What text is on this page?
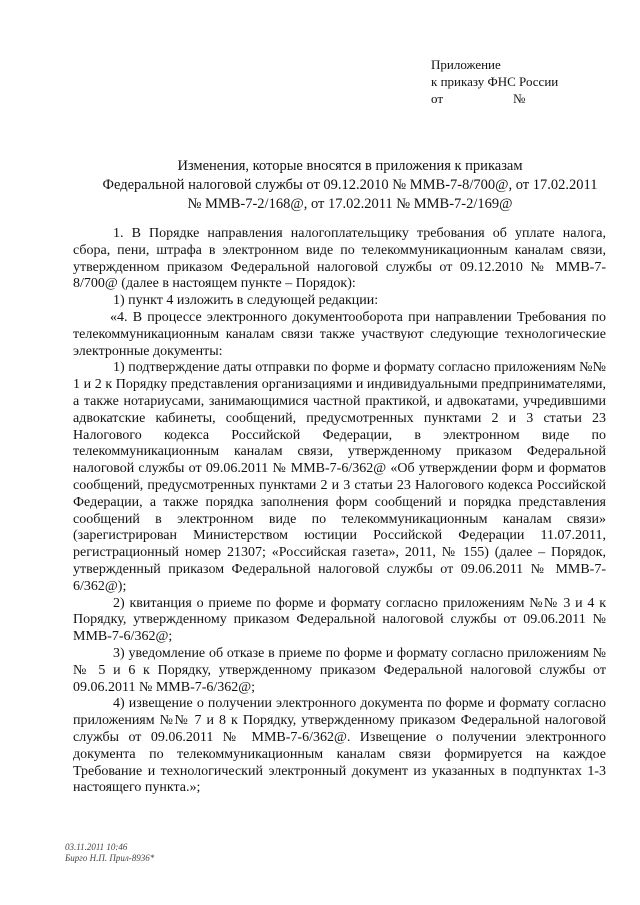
Приложение
к приказу ФНС России
от	№
Изменения, которые вносятся в приложения к приказам
Федеральной налоговой службы от 09.12.2010 № ММВ-7-8/700@, от 17.02.2011
№ ММВ-7-2/168@, от 17.02.2011 № ММВ-7-2/169@

1. В Порядке направления налогоплательщику требования об уплате налога, сбора, пени, штрафа в электронном виде по телекоммуникационным каналам связи, утвержденном приказом Федеральной налоговой службы от 09.12.2010 № ММВ-7-8/700@ (далее в настоящем пункте – Порядок):

1) пункт 4 изложить в следующей редакции:

«4. В процессе электронного документооборота при направлении Требования по телекоммуникационным каналам связи также участвуют следующие технологические электронные документы:

1) подтверждение даты отправки по форме и формату согласно приложениям №№ 1 и 2 к Порядку представления организациями и индивидуальными предпринимателями, а также нотариусами, занимающимися частной практикой, и адвокатами, учредившими адвокатские кабинеты, сообщений, предусмотренных пунктами 2 и 3 статьи 23 Налогового кодекса Российской Федерации, в электронном виде по телекоммуникационным каналам связи, утвержденному приказом Федеральной налоговой службы от 09.06.2011 № ММВ-7-6/362@ «Об утверждении форм и форматов сообщений, предусмотренных пунктами 2 и 3 статьи 23 Налогового кодекса Российской Федерации, а также порядка заполнения форм сообщений и порядка представления сообщений в электронном виде по телекоммуникационным каналам связи» (зарегистрирован Министерством юстиции Российской Федерации 11.07.2011, регистрационный номер 21307; «Российская газета», 2011, № 155) (далее – Порядок, утвержденный приказом Федеральной налоговой службы от 09.06.2011 № ММВ-7-6/362@);

2) квитанция о приеме по форме и формату согласно приложениям №№ 3 и 4 к Порядку, утвержденному приказом Федеральной налоговой службы от 09.06.2011 № ММВ-7-6/362@;

3) уведомление об отказе в приеме по форме и формату согласно приложениям №№ 5 и 6 к Порядку, утвержденному приказом Федеральной налоговой службы от 09.06.2011 № ММВ-7-6/362@;

4) извещение о получении электронного документа по форме и формату согласно приложениям №№ 7 и 8 к Порядку, утвержденному приказом Федеральной налоговой службы от 09.06.2011 № ММВ-7-6/362@. Извещение о получении электронного документа по телекоммуникационным каналам связи формируется на каждое Требование и технологический электронный документ из указанных в подпунктах 1-3 настоящего пункта.»;

03.11.2011 10:46
Бирго Н.П. Прил-8936*
